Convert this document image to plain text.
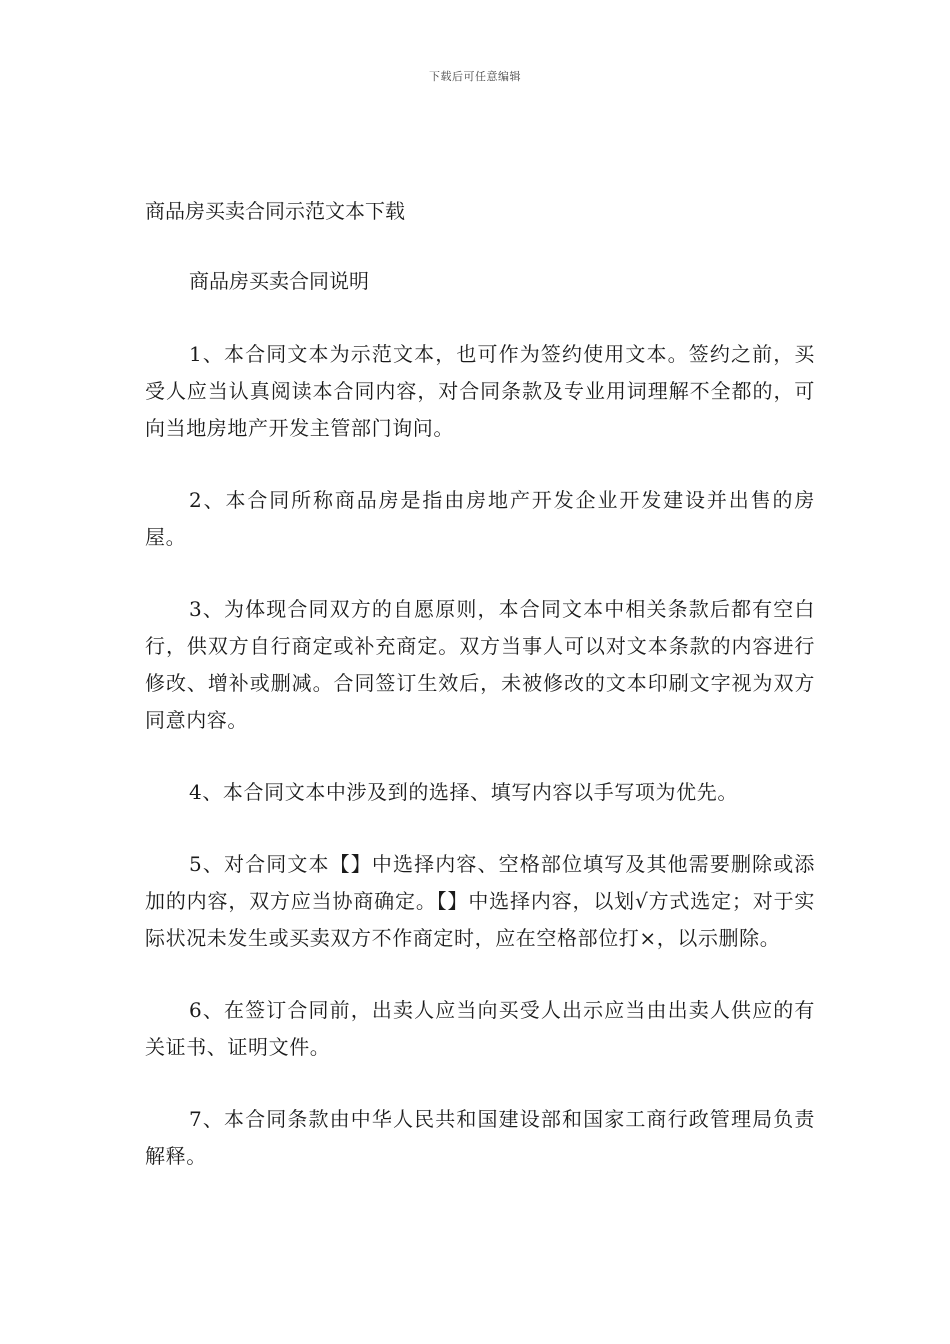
下载后可任意编辑
商品房买卖合同示范文本下载
商品房买卖合同说明

1、本合同文本为示范文本，也可作为签约使用文本。签约之前，买受人应当认真阅读本合同内容，对合同条款及专业用词理解不全都的，可向当地房地产开发主管部门询问。

2、本合同所称商品房是指由房地产开发企业开发建设并出售的房屋。

3、为体现合同双方的自愿原则，本合同文本中相关条款后都有空白行，供双方自行商定或补充商定。双方当事人可以对文本条款的内容进行修改、增补或删减。合同签订生效后，未被修改的文本印刷文字视为双方同意内容。

4、本合同文本中涉及到的选择、填写内容以手写项为优先。

5、对合同文本【】中选择内容、空格部位填写及其他需要删除或添加的内容，双方应当协商确定。【】中选择内容，以划√方式选定；对于实际状况未发生或买卖双方不作商定时，应在空格部位打×，以示删除。

6、在签订合同前，出卖人应当向买受人出示应当由出卖人供应的有关证书、证明文件。

7、本合同条款由中华人民共和国建设部和国家工商行政管理局负责解释。
